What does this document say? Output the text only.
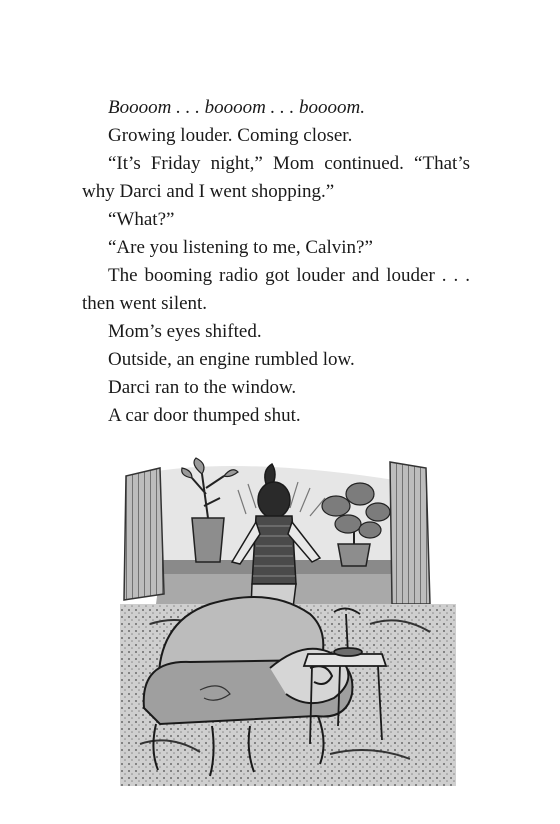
Boooom . . . boooom . . . boooom.

Growing louder. Coming closer.

“It’s Friday night,” Mom continued. “That’s why Darci and I went shopping.”

“What?”

“Are you listening to me, Calvin?”

The booming radio got louder and louder . . . then went silent.

Mom’s eyes shifted.

Outside, an engine rumbled low.

Darci ran to the window.

A car door thumped shut.
